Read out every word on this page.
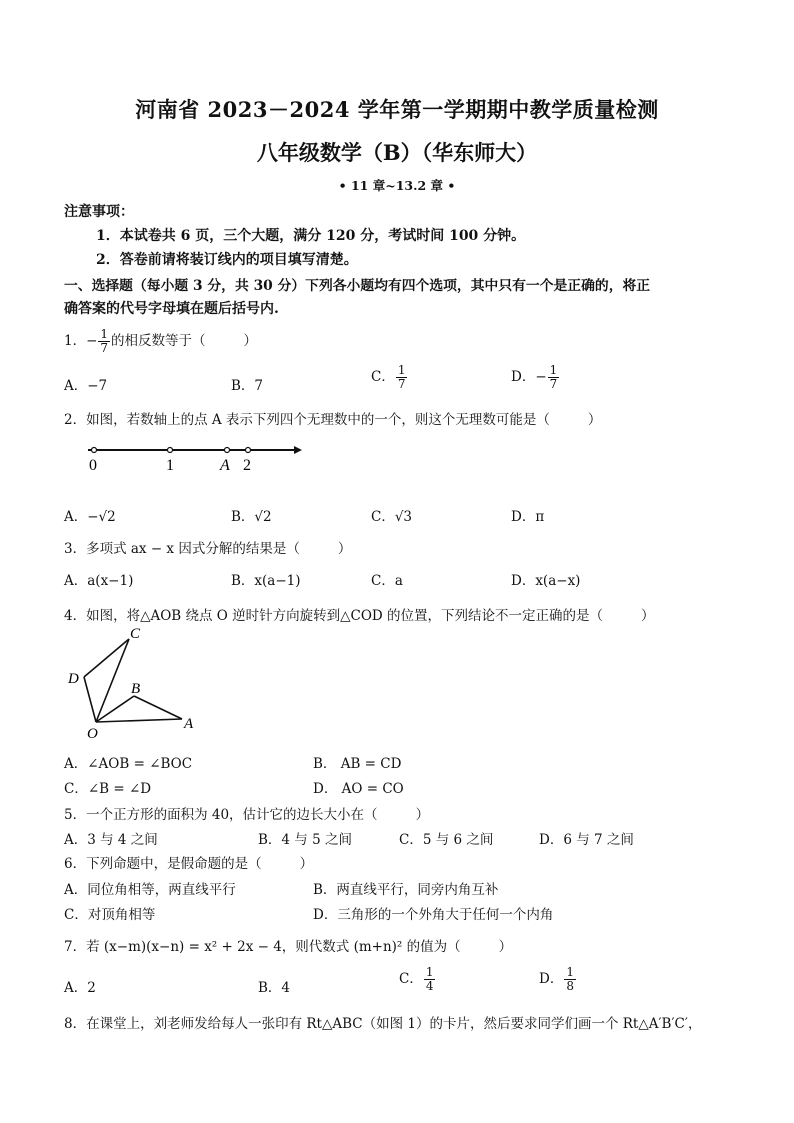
河南省 2023－2024 学年第一学期期中教学质量检测
八年级数学（B）（华东师大）
• 11 章~13.2 章 •
注意事项：
1．本试卷共 6 页，三个大题，满分 120 分，考试时间 100 分钟。
2．答卷前请将装订线内的项目填写清楚。
一、选择题（每小题 3 分，共 30 分）下列各小题均有四个选项，其中只有一个是正确的，将正
确答案的代号字母填在题后括号内.
1．− $\frac{1}{7}$ 的相反数等于（	）
A．−7	B．7
C． $\frac{1}{7}$	D．− $\frac{1}{7}$
2．如图，若数轴上的点 A 表示下列四个无理数中的一个，则这个无理数可能是（	）
0	1	A 2
A．−√2	B．√2	C．√3	D．π
3．多项式 ax − x 因式分解的结果是（	）
A．a(x−1)	B．x(a−1)	C．a	D．x(a−x)
4．如图，将△AOB 绕点 O 逆时针方向旋转到△COD 的位置，下列结论不一定正确的是（	）
C
D
B
O
A
A．∠AOB = ∠BOC	B． AB = CD
C．∠B = ∠D	D． AO = CO
5．一个正方形的面积为 40，估计它的边长大小在（	）
A．3 与 4 之间	B．4 与 5 之间	C．5 与 6 之间	D．6 与 7 之间
6．下列命题中，是假命题的是（	）
A．同位角相等，两直线平行	B．两直线平行，同旁内角互补
C．对顶角相等	D．三角形的一个外角大于任何一个内角
7．若 (x−m)(x−n) = x² + 2x − 4，则代数式 (m+n)² 的值为（	）
A．2	B．4
C． $\frac{1}{4}$	D． $\frac{1}{8}$
8．在课堂上，刘老师发给每人一张印有 Rt△ABC（如图 1）的卡片，然后要求同学们画一个 Rt△A′B′C′，
